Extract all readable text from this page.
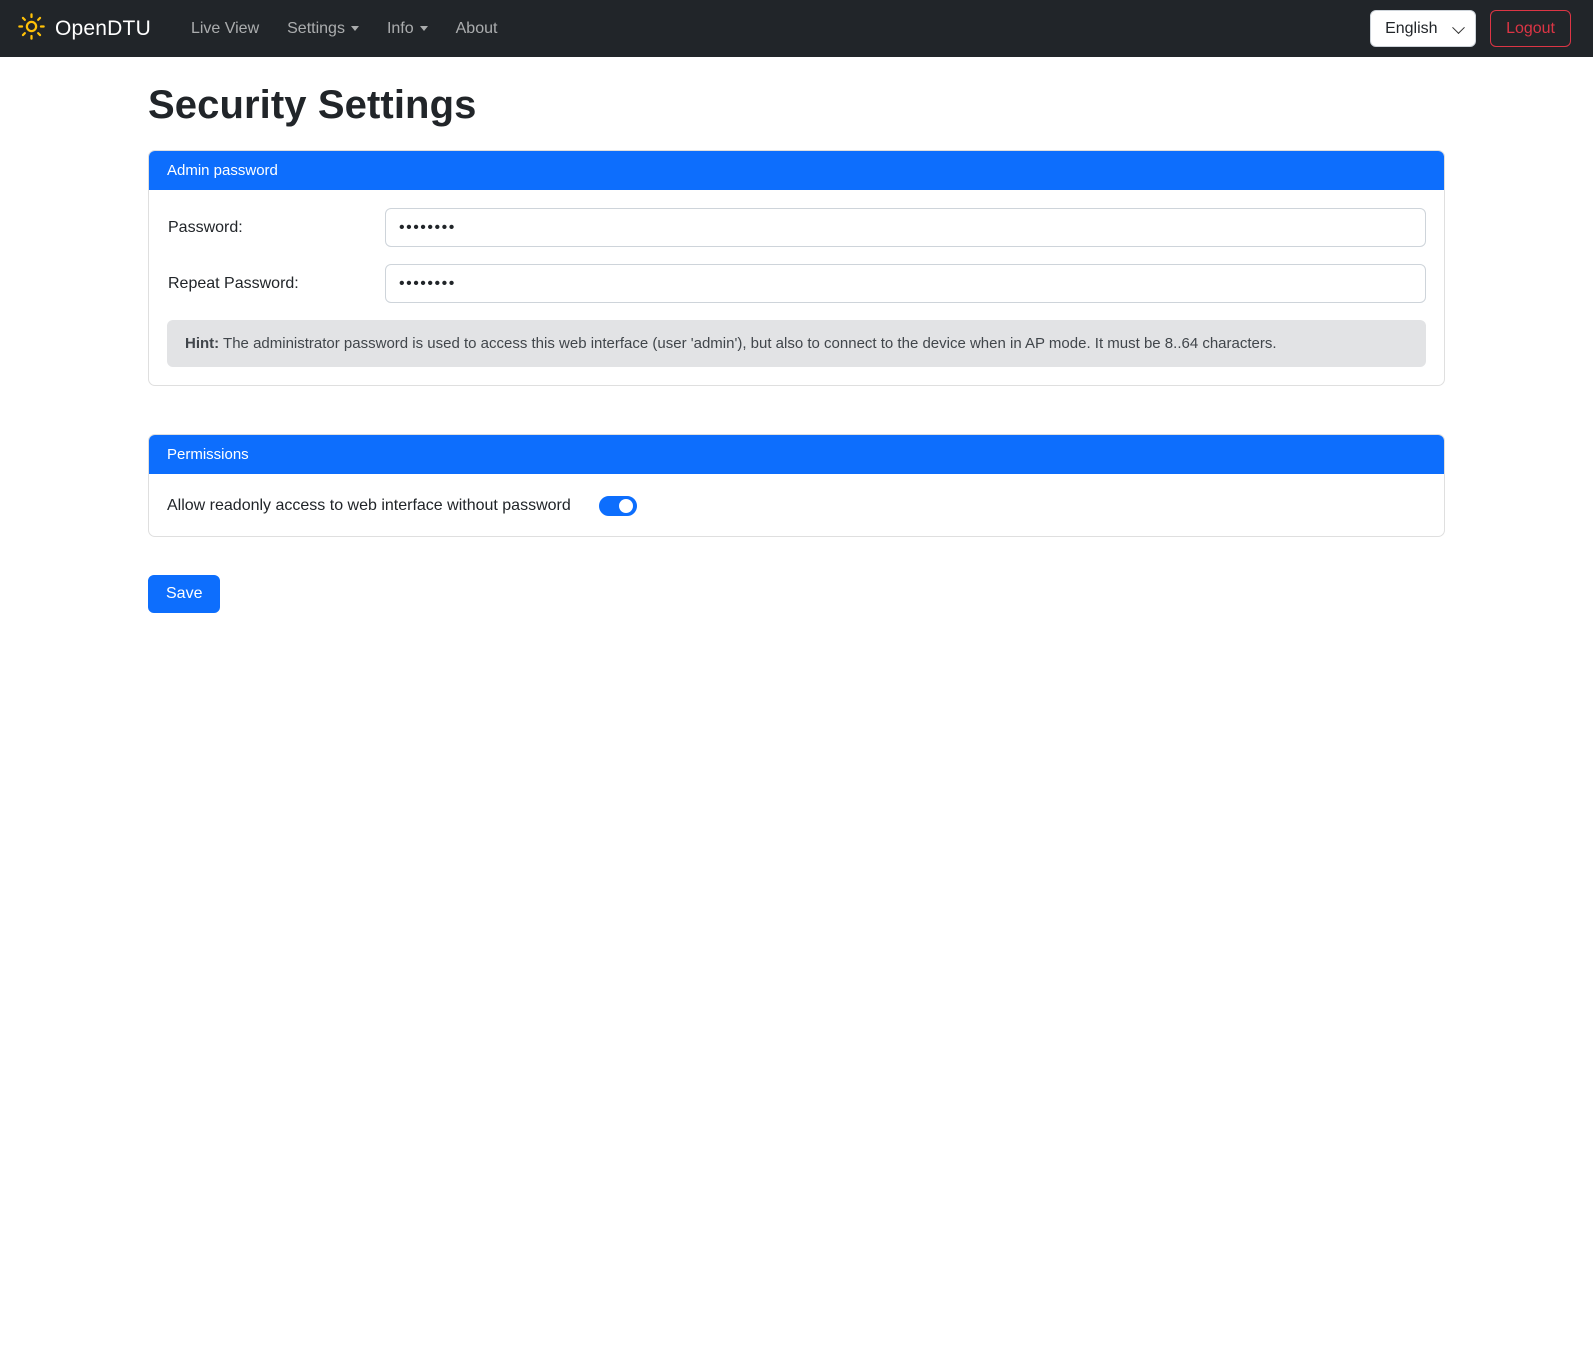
OpenDTU	Live View Settings	Info	About	English	Logout
Security Settings
Admin password
Password:
••••••••
Repeat Password:
••••••••
Hint: The administrator password is used to access this web interface (user 'admin'), but also to connect to the device when in AP mode. It must be 8..64 characters.
Permissions
Allow readonly access to web interface without password
Save
